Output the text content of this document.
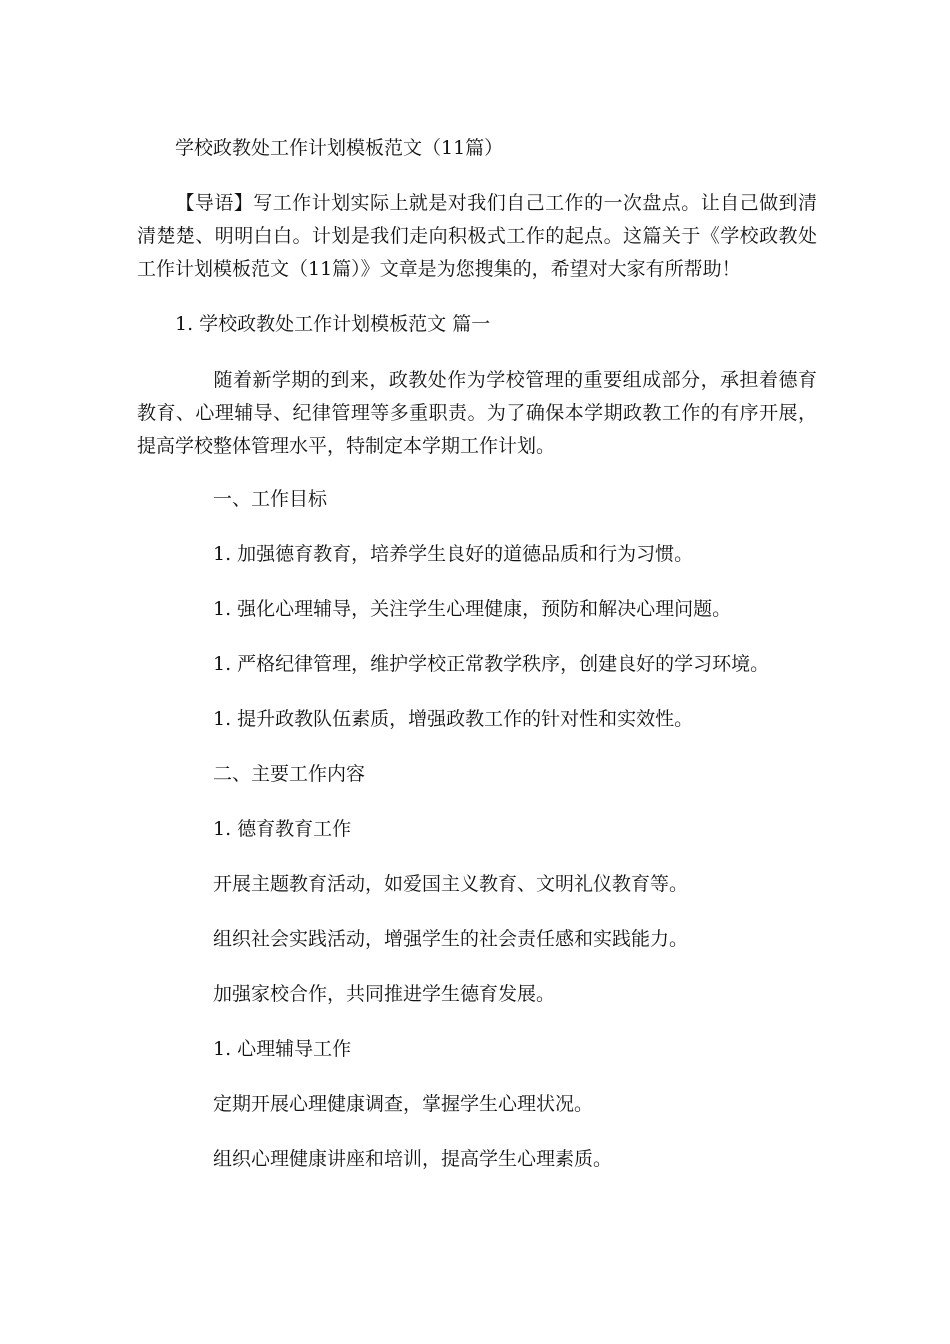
学校政教处工作计划模板范文（11篇）
【导语】写工作计划实际上就是对我们自己工作的一次盘点。让自己做到清清楚楚、明明白白。计划是我们走向积极式工作的起点。这篇关于《学校政教处工作计划模板范文（11篇）》文章是为您搜集的，希望对大家有所帮助！
1. 学校政教处工作计划模板范文 篇一
随着新学期的到来，政教处作为学校管理的重要组成部分，承担着德育教育、心理辅导、纪律管理等多重职责。为了确保本学期政教工作的有序开展，提高学校整体管理水平，特制定本学期工作计划。
一、工作目标
1. 加强德育教育，培养学生良好的道德品质和行为习惯。
1. 强化心理辅导，关注学生心理健康，预防和解决心理问题。
1. 严格纪律管理，维护学校正常教学秩序，创建良好的学习环境。
1. 提升政教队伍素质，增强政教工作的针对性和实效性。
二、主要工作内容
1. 德育教育工作
开展主题教育活动，如爱国主义教育、文明礼仪教育等。
组织社会实践活动，增强学生的社会责任感和实践能力。
加强家校合作，共同推进学生德育发展。
1. 心理辅导工作
定期开展心理健康调查，掌握学生心理状况。
组织心理健康讲座和培训，提高学生心理素质。
